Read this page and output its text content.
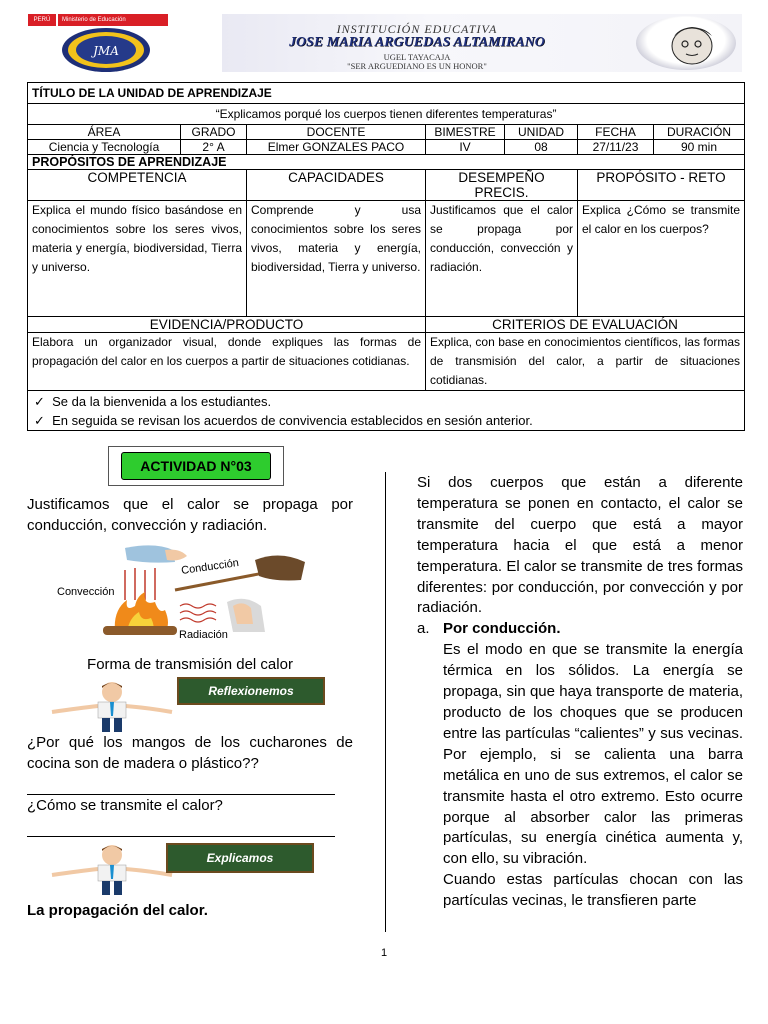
PERÚ	Ministerio de Educación
JMA
INSTITUCIÓN EDUCATIVA
JOSE MARIA ARGUEDAS ALTAMIRANO
UGEL TAYACAJA
"SER ARGUEDIANO ES UN HONOR"
TÍTULO DE LA UNIDAD DE APRENDIZAJE						
“Explicamos porqué los cuerpos tienen diferentes temperaturas”						
ÁREA	GRADO	DOCENTE	BIMESTRE	UNIDAD	FECHA	DURACIÓN
Ciencia y Tecnología	2° A	Elmer GONZALES PACO	IV	08	27/11/23	90 min
PROPÓSITOS DE APRENDIZAJE						
COMPETENCIA		CAPACIDADES	DESEMPEÑO PRECIS.		PROPÓSITO - RETO	
Explica el mundo físico basándose en conocimientos sobre los seres vivos, materia y energía, biodiversidad, Tierra y universo.		Comprende y usa conocimientos sobre los seres vivos, materia y energía, biodiversidad, Tierra y universo.	Justificamos que el calor se propaga por conducción, convección y radiación.		Explica ¿Cómo se transmite el calor en los cuerpos?	
EVIDENCIA/PRODUCTO			CRITERIOS DE EVALUACIÓN			
Elabora un organizador visual, donde expliques las formas de propagación del calor en los cuerpos a partir de situaciones cotidianas.			Explica, con base en conocimientos científicos, las formas de transmisión del calor, a partir de situaciones cotidianas.			

✓  Se da la bienvenida a los estudiantes.
✓  En seguida se revisan los acuerdos de convivencia establecidos en sesión anterior.						
ACTIVIDAD N°03
Justificamos que el calor se propaga por conducción, convección y radiación.
Conducción
Convección
Radiación
Forma de transmisión del calor
Reflexionemos
¿Por qué los mangos de los cucharones de cocina son de madera o plástico??
¿Cómo se transmite el calor?
Explicamos
La propagación del calor.

Si dos cuerpos que están a diferente temperatura se ponen en contacto, el calor se transmite del cuerpo que está a mayor temperatura hacia el que está a menor temperatura. El calor se transmite de tres formas diferentes: por conducción, por convección y por radiación.

a. Por conducción.

Es el modo en que se transmite la energía térmica en los sólidos. La energía se propaga, sin que haya transporte de materia, producto de los choques que se producen entre las partículas “calientes” y sus vecinas. Por ejemplo, si se calienta una barra metálica en uno de sus extremos, el calor se transmite hasta el otro extremo. Esto ocurre porque al absorber calor las primeras partículas, su energía cinética aumenta y, con ello, su vibración.

Cuando estas partículas chocan con las partículas vecinas, le transfieren parte

1
